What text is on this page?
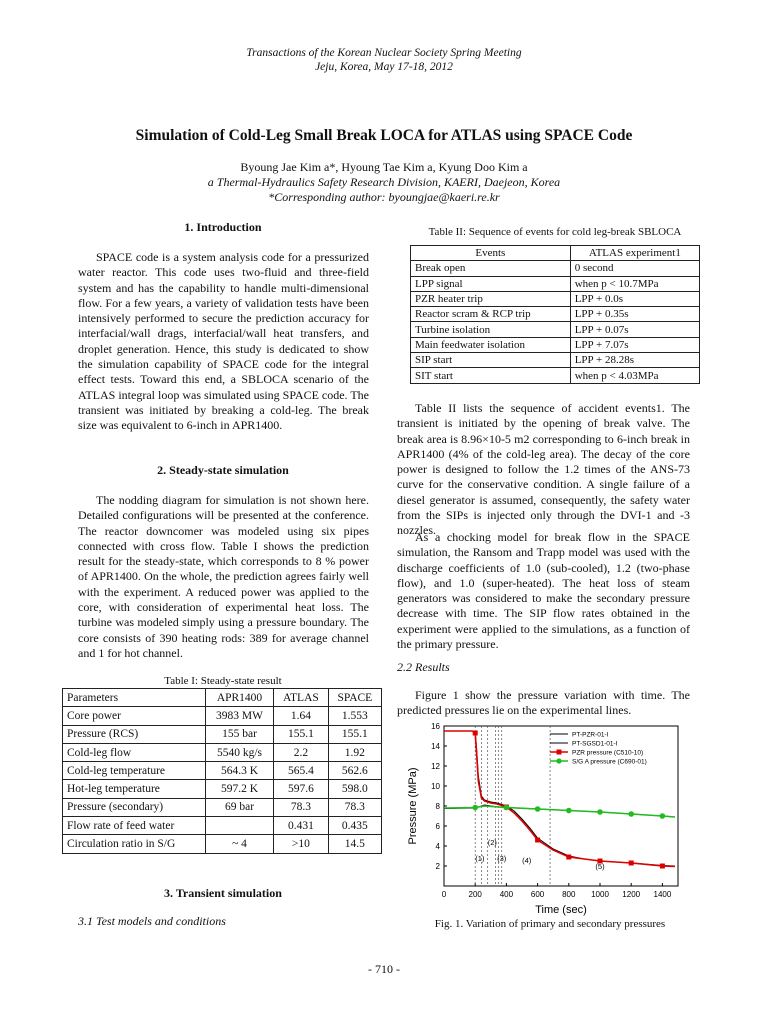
Transactions of the Korean Nuclear Society Spring Meeting
Jeju, Korea, May 17-18, 2012
Simulation of Cold-Leg Small Break LOCA for ATLAS using SPACE Code
Byoung Jae Kim a*, Hyoung Tae Kim a, Kyung Doo Kim a
a Thermal-Hydraulics Safety Research Division, KAERI, Daejeon, Korea
*Corresponding author: byoungjae@kaeri.re.kr
1. Introduction

SPACE code is a system analysis code for a pressurized water reactor. This code uses two-fluid and three-field system and has the capability to handle multi-dimensional flow. For a few years, a variety of validation tests have been intensively performed to secure the prediction accuracy for interfacial/wall drags, interfacial/wall heat transfers, and droplet generation. Hence, this study is dedicated to show the simulation capability of SPACE code for the integral effect tests. Toward this end, a SBLOCA scenario of the ATLAS integral loop was simulated using SPACE code. The transient was initiated by breaking a cold-leg. The break size was equivalent to 6-inch in APR1400.

2. Steady-state simulation

The nodding diagram for simulation is not shown here. Detailed configurations will be presented at the conference. The reactor downcomer was modeled using six pipes connected with cross flow. Table I shows the prediction result for the steady-state, which corresponds to 8 % power of APR1400. On the whole, the prediction agrees fairly well with the experiment. A reduced power was applied to the core, with consideration of experimental heat loss. The turbine was modeled simply using a pressure boundary. The core consists of 390 heating rods: 389 for average channel and 1 for hot channel.

Table I: Steady-state result
Parameters	APR1400	ATLAS	SPACE
Core power	3983 MW	1.64	1.553
Pressure (RCS)	155 bar	155.1	155.1
Cold-leg flow	5540 kg/s	2.2	1.92
Cold-leg temperature	564.3 K	565.4	562.6
Hot-leg temperature	597.2 K	597.6	598.0
Pressure (secondary)	69 bar	78.3	78.3
Flow rate of feed water		0.431	0.435
Circulation ratio in S/G	~ 4	>10	14.5
3. Transient simulation
3.1 Test models and conditions
Table II: Sequence of events for cold leg-break SBLOCA
Events	ATLAS experiment1
Break open	0 second
LPP signal	when p < 10.7MPa
PZR heater trip	LPP + 0.0s
Reactor scram & RCP trip	LPP + 0.35s
Turbine isolation	LPP + 0.07s
Main feedwater isolation	LPP + 7.07s
SIP start	LPP + 28.28s
SIT start	when p < 4.03MPa

Table II lists the sequence of accident events1. The transient is initiated by the opening of break valve. The break area is 8.96×10-5 m2 corresponding to 6-inch break in APR1400 (4% of the cold-leg area). The decay of the core power is designed to follow the 1.2 times of the ANS-73 curve for the conservative condition. A single failure of a diesel generator is assumed, consequently, the safety water from the SIPs is injected only through the DVI-1 and -3 nozzles.

As a chocking model for break flow in the SPACE simulation, the Ransom and Trapp model was used with the discharge coefficients of 1.0 (sub-cooled), 1.2 (two-phase flow), and 1.0 (super-heated). The heat loss of steam generators was considered to make the secondary pressure decrease with time. The SIP flow rates obtained in the experiment were applied to the simulations, as a function of the primary pressure.

2.2 Results

Figure 1 show the pressure variation with time. The predicted pressures lie on the experimental lines.

0	200 400 600 800 1000 1200 1400
2
4
6
8
10
12
14
16
Time (sec)
Pressure (MPa)
(1)
(2)
(3) (4)
(5)
PT-PZR-01-I
PT-SGSD1-01-I
PZR pressure (C510-10)
S/G A pressure (C690-01)
Fig. 1. Variation of primary and secondary pressures
- 710 -
